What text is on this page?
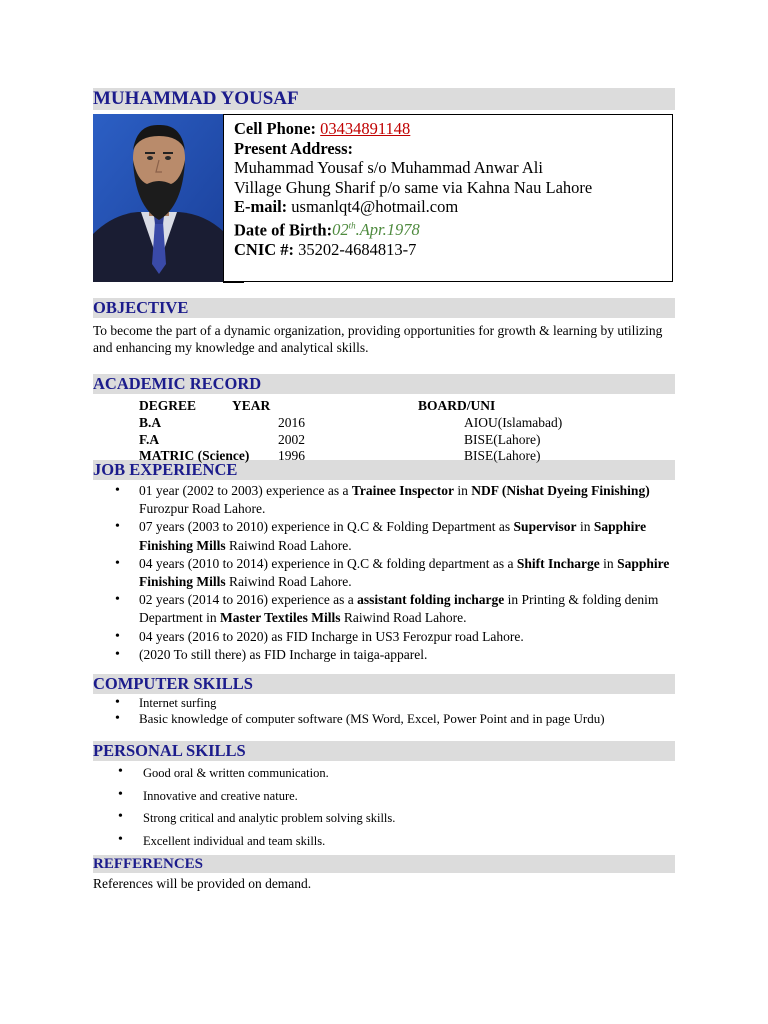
MUHAMMAD YOUSAF
Cell Phone: 03434891148
Present Address:
Muhammad Yousaf s/o Muhammad Anwar Ali
Village Ghung Sharif p/o same via Kahna Nau Lahore
E-mail: usmanlqt4@hotmail.com
Date of Birth:02th.Apr.1978
CNIC #: 35202-4684813-7
OBJECTIVE
To become the part of a dynamic organization, providing opportunities for growth & learning by utilizing and enhancing my knowledge and analytical skills.
ACADEMIC RECORD
DEGREE	YEAR	BOARD/UNI
B.A	2016	AIOU(Islamabad)
F.A	2002	BISE(Lahore)
MATRIC (Science) 1996	BISE(Lahore)
JOB EXPERIENCE
• 01 year (2002 to 2003) experience as a Trainee Inspector in NDF (Nishat Dyeing Finishing) Furozpur Road Lahore.
• 07 years (2003 to 2010) experience in Q.C & Folding Department as Supervisor in Sapphire Finishing Mills Raiwind Road Lahore.
• 04 years (2010 to 2014) experience in Q.C & folding department as a Shift Incharge in Sapphire Finishing Mills Raiwind Road Lahore.
• 02 years (2014 to 2016) experience as a assistant folding incharge in Printing & folding denim Department in Master Textiles Mills Raiwind Road Lahore.
• 04 years (2016 to 2020) as FID Incharge in US3 Ferozpur road Lahore.
• (2020 To still there) as FID Incharge in taiga-apparel.
COMPUTER SKILLS
• Internet surfing
• Basic knowledge of computer software (MS Word, Excel, Power Point and in page Urdu)
PERSONAL SKILLS
• Good oral & written communication.
• Innovative and creative nature.
• Strong critical and analytic problem solving skills.
• Excellent individual and team skills.
REFFERENCES
References will be provided on demand.
